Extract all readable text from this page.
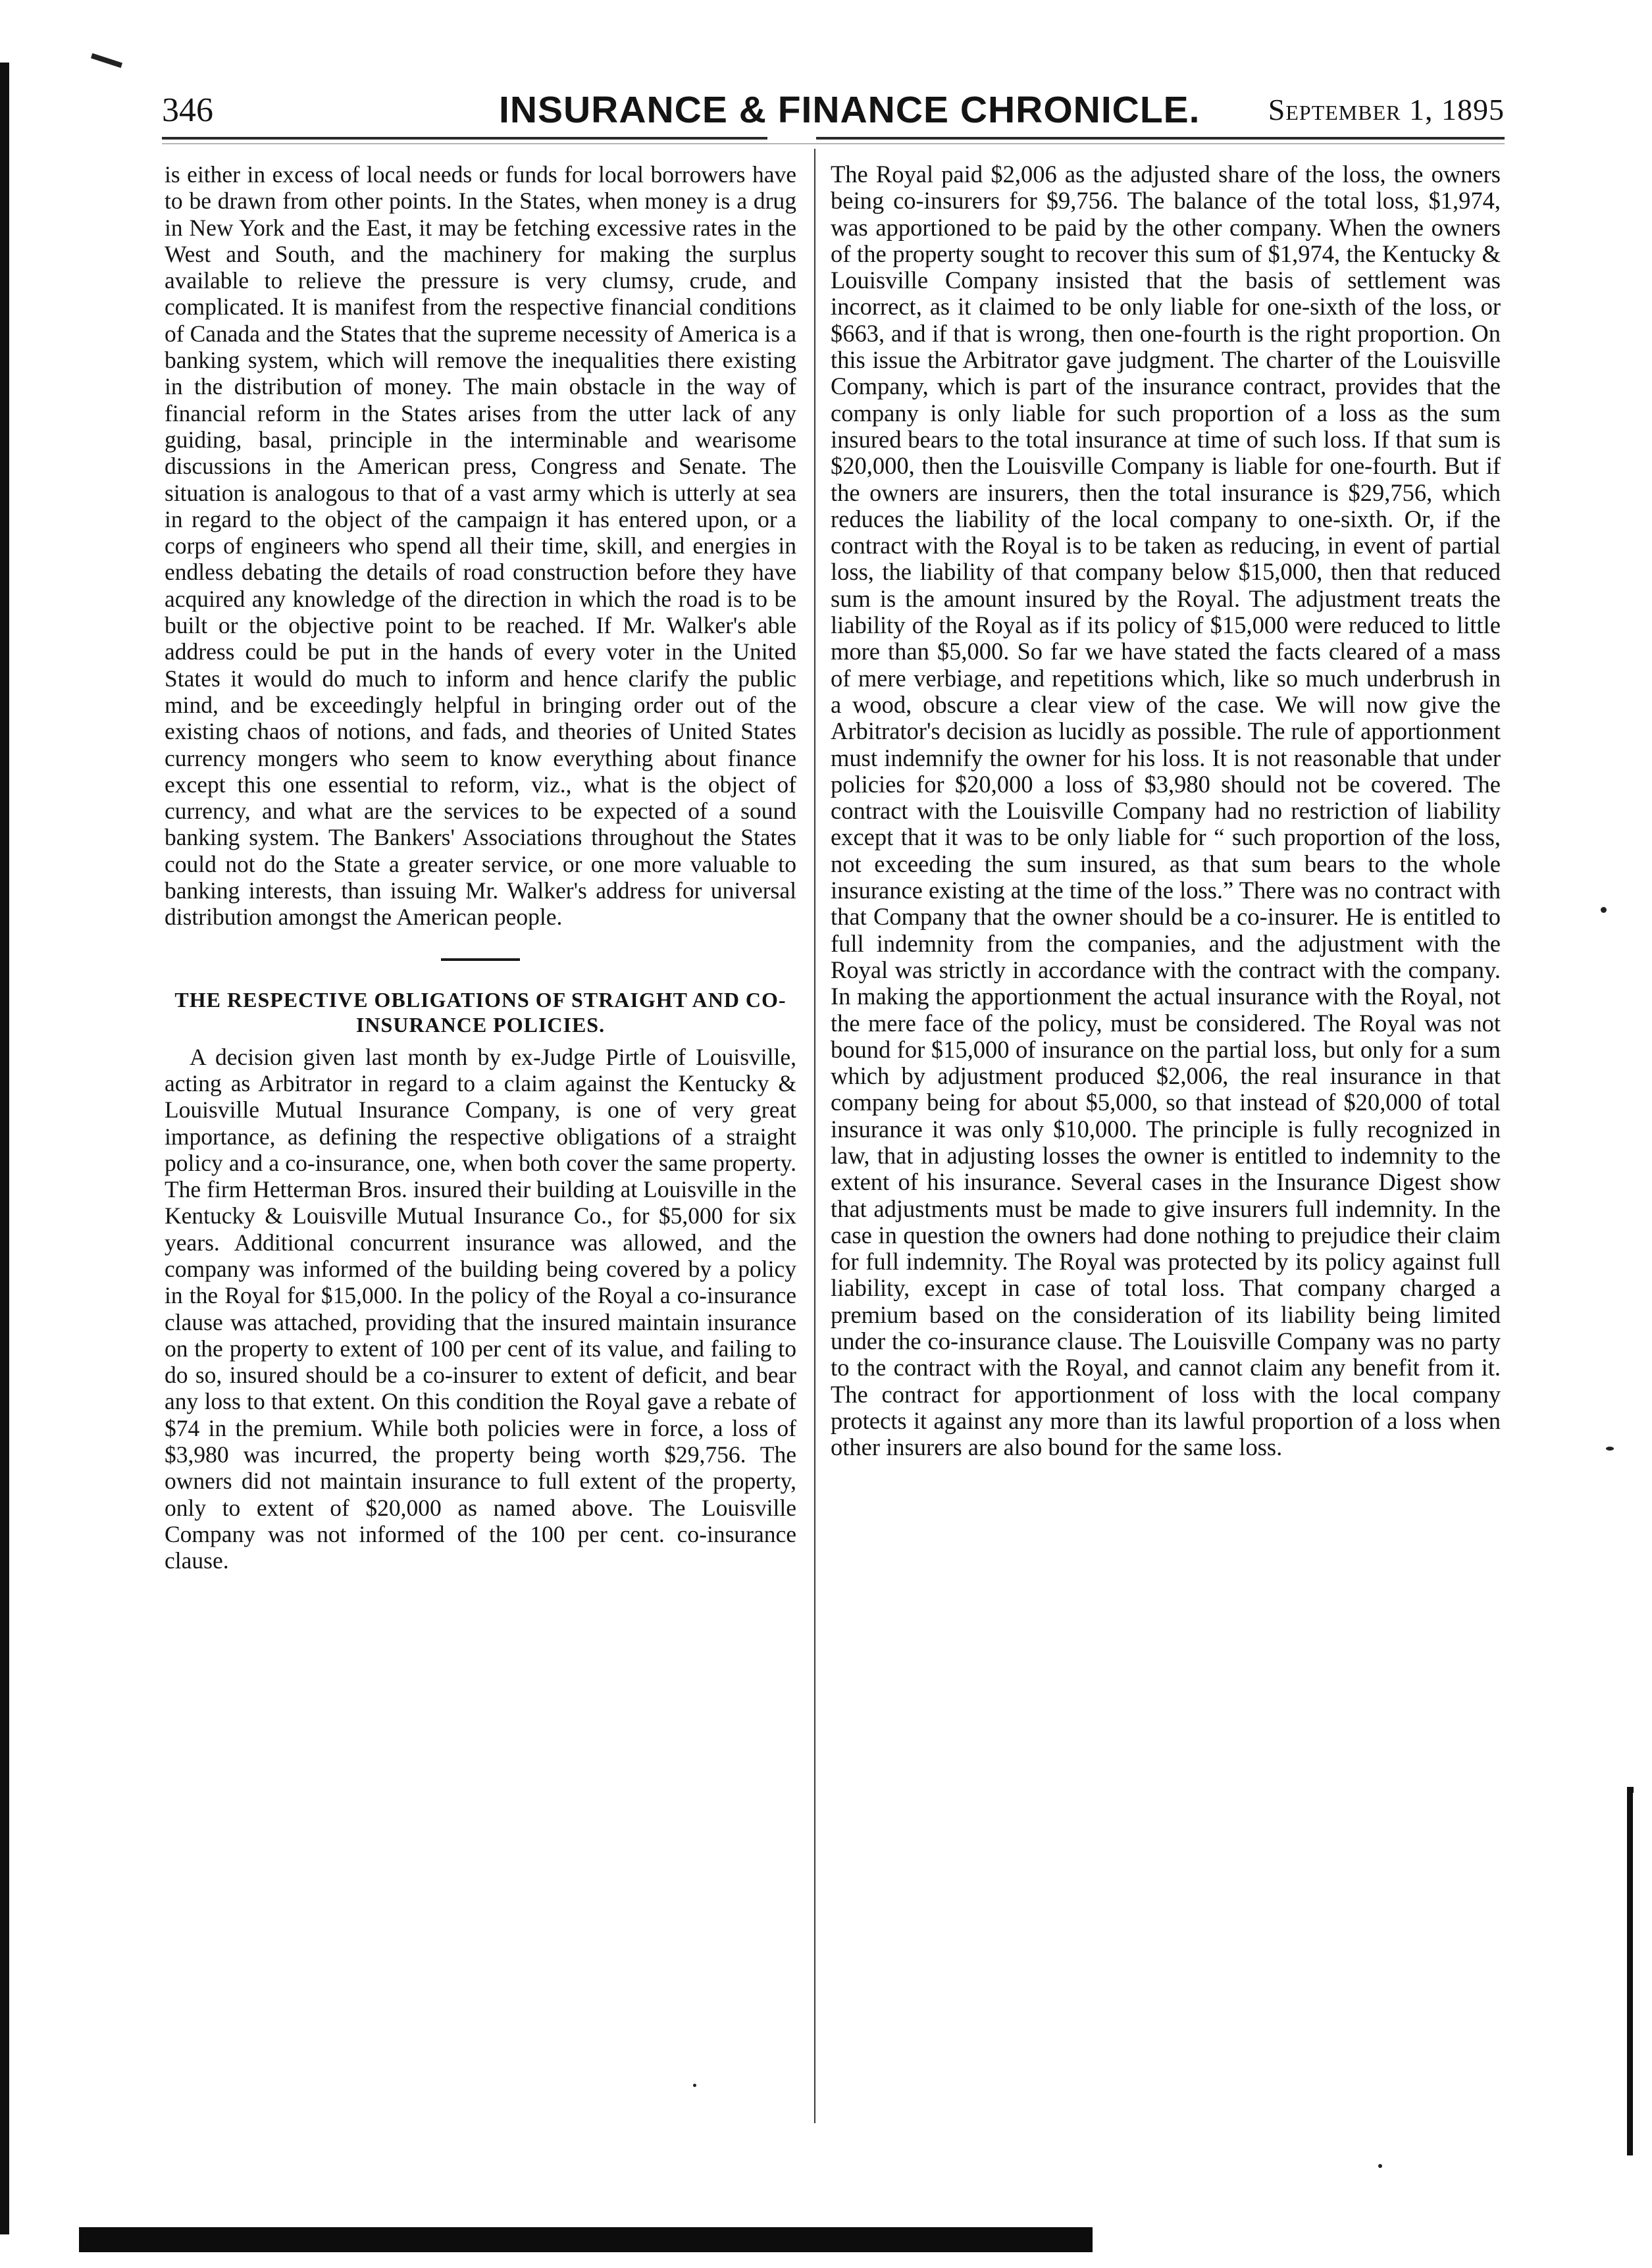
346	INSURANCE & FINANCE CHRONICLE. September 1, 1895

is either in excess of local needs or funds for local borrowers have to be drawn from other points. In the States, when money is a drug in New York and the East, it may be fetching excessive rates in the West and South, and the machinery for making the surplus available to relieve the pressure is very clumsy, crude, and complicated. It is manifest from the respective financial conditions of Canada and the States that the supreme necessity of America is a banking system, which will remove the inequalities there existing in the distribution of money. The main obstacle in the way of financial reform in the States arises from the utter lack of any guiding, basal, principle in the interminable and wearisome discussions in the American press, Congress and Senate. The situation is analogous to that of a vast army which is utterly at sea in regard to the object of the campaign it has entered upon, or a corps of engineers who spend all their time, skill, and energies in endless debating the details of road construction before they have acquired any knowledge of the direction in which the road is to be built or the objective point to be reached. If Mr. Walker's able address could be put in the hands of every voter in the United States it would do much to inform and hence clarify the public mind, and be exceedingly helpful in bringing order out of the existing chaos of notions, and fads, and theories of United States currency mongers who seem to know everything about finance except this one essential to reform, viz., what is the object of currency, and what are the services to be expected of a sound banking system. The Bankers' Associations throughout the States could not do the State a greater service, or one more valuable to banking interests, than issuing Mr. Walker's address for universal distribution amongst the American people.

THE RESPECTIVE OBLIGATIONS OF STRAIGHT AND CO-INSURANCE POLICIES.

A decision given last month by ex-Judge Pirtle of Louisville, acting as Arbitrator in regard to a claim against the Kentucky & Louisville Mutual Insurance Company, is one of very great importance, as defining the respective obligations of a straight policy and a co-insurance, one, when both cover the same property. The firm Hetterman Bros. insured their building at Louisville in the Kentucky & Louisville Mutual Insurance Co., for $5,000 for six years. Additional concurrent insurance was allowed, and the company was informed of the building being covered by a policy in the Royal for $15,000. In the policy of the Royal a co-insurance clause was attached, providing that the insured maintain insurance on the property to extent of 100 per cent of its value, and failing to do so, insured should be a co-insurer to extent of deficit, and bear any loss to that extent. On this condition the Royal gave a rebate of $74 in the premium. While both policies were in force, a loss of $3,980 was incurred, the property being worth $29,756. The owners did not maintain insurance to full extent of the property, only to extent of $20,000 as named above. The Louisville Company was not informed of the 100 per cent. co-insurance clause.

The Royal paid $2,006 as the adjusted share of the loss, the owners being co-insurers for $9,756. The balance of the total loss, $1,974, was apportioned to be paid by the other company. When the owners of the property sought to recover this sum of $1,974, the Kentucky & Louisville Company insisted that the basis of settlement was incorrect, as it claimed to be only liable for one-sixth of the loss, or $663, and if that is wrong, then one-fourth is the right proportion. On this issue the Arbitrator gave judgment. The charter of the Louisville Company, which is part of the insurance contract, provides that the company is only liable for such proportion of a loss as the sum insured bears to the total insurance at time of such loss. If that sum is $20,000, then the Louisville Company is liable for one-fourth. But if the owners are insurers, then the total insurance is $29,756, which reduces the liability of the local company to one-sixth. Or, if the contract with the Royal is to be taken as reducing, in event of partial loss, the liability of that company below $15,000, then that reduced sum is the amount insured by the Royal. The adjustment treats the liability of the Royal as if its policy of $15,000 were reduced to little more than $5,000. So far we have stated the facts cleared of a mass of mere verbiage, and repetitions which, like so much underbrush in a wood, obscure a clear view of the case. We will now give the Arbitrator's decision as lucidly as possible. The rule of apportionment must indemnify the owner for his loss. It is not reasonable that under policies for $20,000 a loss of $3,980 should not be covered. The contract with the Louisville Company had no restriction of liability except that it was to be only liable for “ such proportion of the loss, not exceeding the sum insured, as that sum bears to the whole insurance existing at the time of the loss.” There was no contract with that Company that the owner should be a co-insurer. He is entitled to full indemnity from the companies, and the adjustment with the Royal was strictly in accordance with the contract with the company. In making the apportionment the actual insurance with the Royal, not the mere face of the policy, must be considered. The Royal was not bound for $15,000 of insurance on the partial loss, but only for a sum which by adjustment produced $2,006, the real insurance in that company being for about $5,000, so that instead of $20,000 of total insurance it was only $10,000. The principle is fully recognized in law, that in adjusting losses the owner is entitled to indemnity to the extent of his insurance. Several cases in the Insurance Digest show that adjustments must be made to give insurers full indemnity. In the case in question the owners had done nothing to prejudice their claim for full indemnity. The Royal was protected by its policy against full liability, except in case of total loss. That company charged a premium based on the consideration of its liability being limited under the co-insurance clause. The Louisville Company was no party to the contract with the Royal, and cannot claim any benefit from it. The contract for apportionment of loss with the local company protects it against any more than its lawful proportion of a loss when other insurers are also bound for the same loss.
